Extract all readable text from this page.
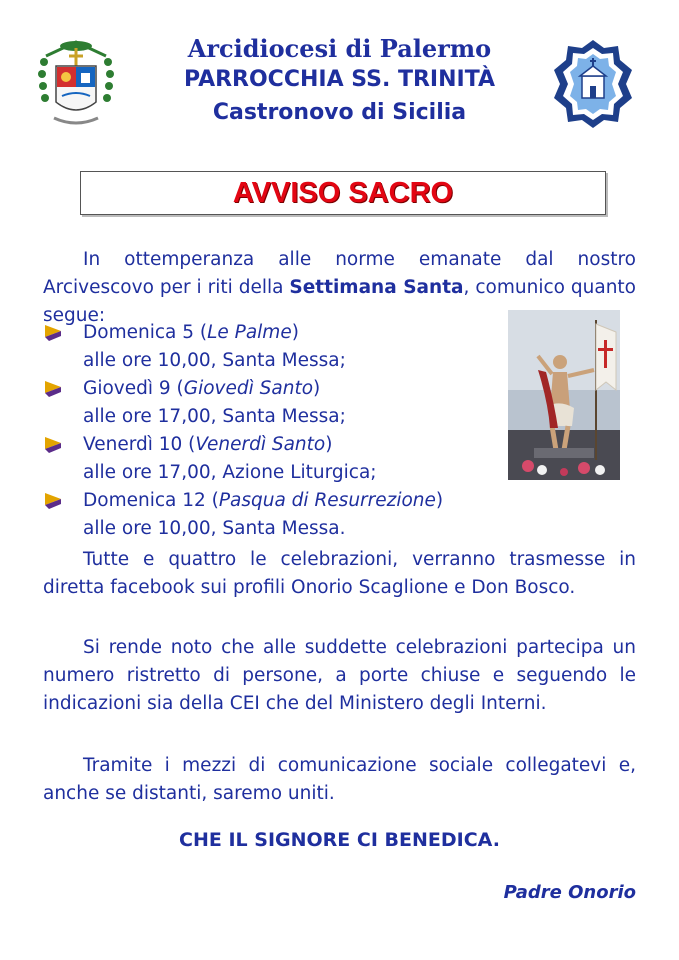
Arcidiocesi di Palermo
PARROCCHIA SS. TRINITÀ
Castronovo di Sicilia
AVVISO SACRO
In ottemperanza alle norme emanate dal nostro Arcivescovo per i riti della Settimana Santa, comunico quanto segue:
Domenica 5 (Le Palme)
alle ore 10,00, Santa Messa;
Giovedì 9 (Giovedì Santo)
alle ore 17,00, Santa Messa;
Venerdì 10 (Venerdì Santo)
alle ore 17,00, Azione Liturgica;
Domenica 12 (Pasqua di Resurrezione)
alle ore 10,00, Santa Messa.
Tutte e quattro le celebrazioni, verranno trasmesse in diretta facebook sui profili Onorio Scaglione e Don Bosco.
Si rende noto che alle suddette celebrazioni partecipa un numero ristretto di persone, a porte chiuse e seguendo le indicazioni sia della CEI che del Ministero degli Interni.
Tramite i mezzi di comunicazione sociale collegatevi e, anche se distanti, saremo uniti.
CHE IL SIGNORE CI BENEDICA.
Padre Onorio
